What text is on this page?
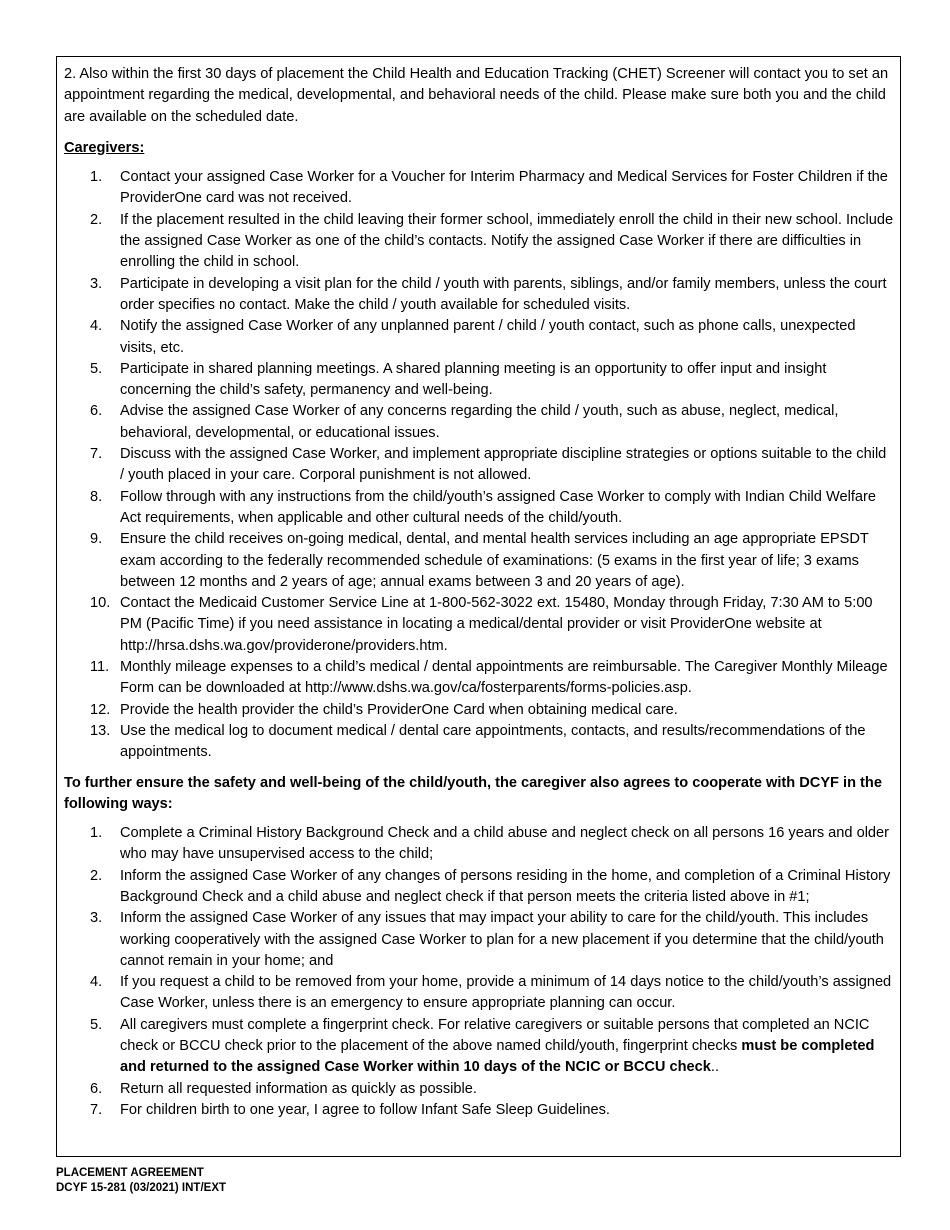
2. Also within the first 30 days of placement the Child Health and Education Tracking (CHET) Screener will contact you to set an appointment regarding the medical, developmental, and behavioral needs of the child. Please make sure both you and the child are available on the scheduled date.

Caregivers:

1. Contact your assigned Case Worker for a Voucher for Interim Pharmacy and Medical Services for Foster Children if the ProviderOne card was not received.
2. If the placement resulted in the child leaving their former school, immediately enroll the child in their new school. Include the assigned Case Worker as one of the child’s contacts. Notify the assigned Case Worker if there are difficulties in enrolling the child in school.
3. Participate in developing a visit plan for the child / youth with parents, siblings, and/or family members, unless the court order specifies no contact. Make the child / youth available for scheduled visits.
4. Notify the assigned Case Worker of any unplanned parent / child / youth contact, such as phone calls, unexpected visits, etc.
5. Participate in shared planning meetings. A shared planning meeting is an opportunity to offer input and insight concerning the child’s safety, permanency and well-being.
6. Advise the assigned Case Worker of any concerns regarding the child / youth, such as abuse, neglect, medical, behavioral, developmental, or educational issues.
7. Discuss with the assigned Case Worker, and implement appropriate discipline strategies or options suitable to the child / youth placed in your care. Corporal punishment is not allowed.
8. Follow through with any instructions from the child/youth’s assigned Case Worker to comply with Indian Child Welfare Act requirements, when applicable and other cultural needs of the child/youth.
9. Ensure the child receives on-going medical, dental, and mental health services including an age appropriate EPSDT exam according to the federally recommended schedule of examinations: (5 exams in the first year of life; 3 exams between 12 months and 2 years of age; annual exams between 3 and 20 years of age).
10. Contact the Medicaid Customer Service Line at 1-800-562-3022 ext. 15480, Monday through Friday, 7:30 AM to 5:00 PM (Pacific Time) if you need assistance in locating a medical/dental provider or visit ProviderOne website at http://hrsa.dshs.wa.gov/providerone/providers.htm.
11. Monthly mileage expenses to a child’s medical / dental appointments are reimbursable. The Caregiver Monthly Mileage Form can be downloaded at http://www.dshs.wa.gov/ca/fosterparents/forms-policies.asp.
12. Provide the health provider the child’s ProviderOne Card when obtaining medical care.
13. Use the medical log to document medical / dental care appointments, contacts, and results/recommendations of the appointments.

To further ensure the safety and well-being of the child/youth, the caregiver also agrees to cooperate with DCYF in the following ways:

1. Complete a Criminal History Background Check and a child abuse and neglect check on all persons 16 years and older who may have unsupervised access to the child;
2. Inform the assigned Case Worker of any changes of persons residing in the home, and completion of a Criminal History Background Check and a child abuse and neglect check if that person meets the criteria listed above in #1;
3. Inform the assigned Case Worker of any issues that may impact your ability to care for the child/youth. This includes working cooperatively with the assigned Case Worker to plan for a new placement if you determine that the child/youth cannot remain in your home; and
4. If you request a child to be removed from your home, provide a minimum of 14 days notice to the child/youth’s assigned Case Worker, unless there is an emergency to ensure appropriate planning can occur.
5. All caregivers must complete a fingerprint check. For relative caregivers or suitable persons that completed an NCIC check or BCCU check prior to the placement of the above named child/youth, fingerprint checks must be completed and returned to the assigned Case Worker within 10 days of the NCIC or BCCU check..
6. Return all requested information as quickly as possible.
7. For children birth to one year, I agree to follow Infant Safe Sleep Guidelines.
PLACEMENT AGREEMENT
DCYF 15-281 (03/2021) INT/EXT
